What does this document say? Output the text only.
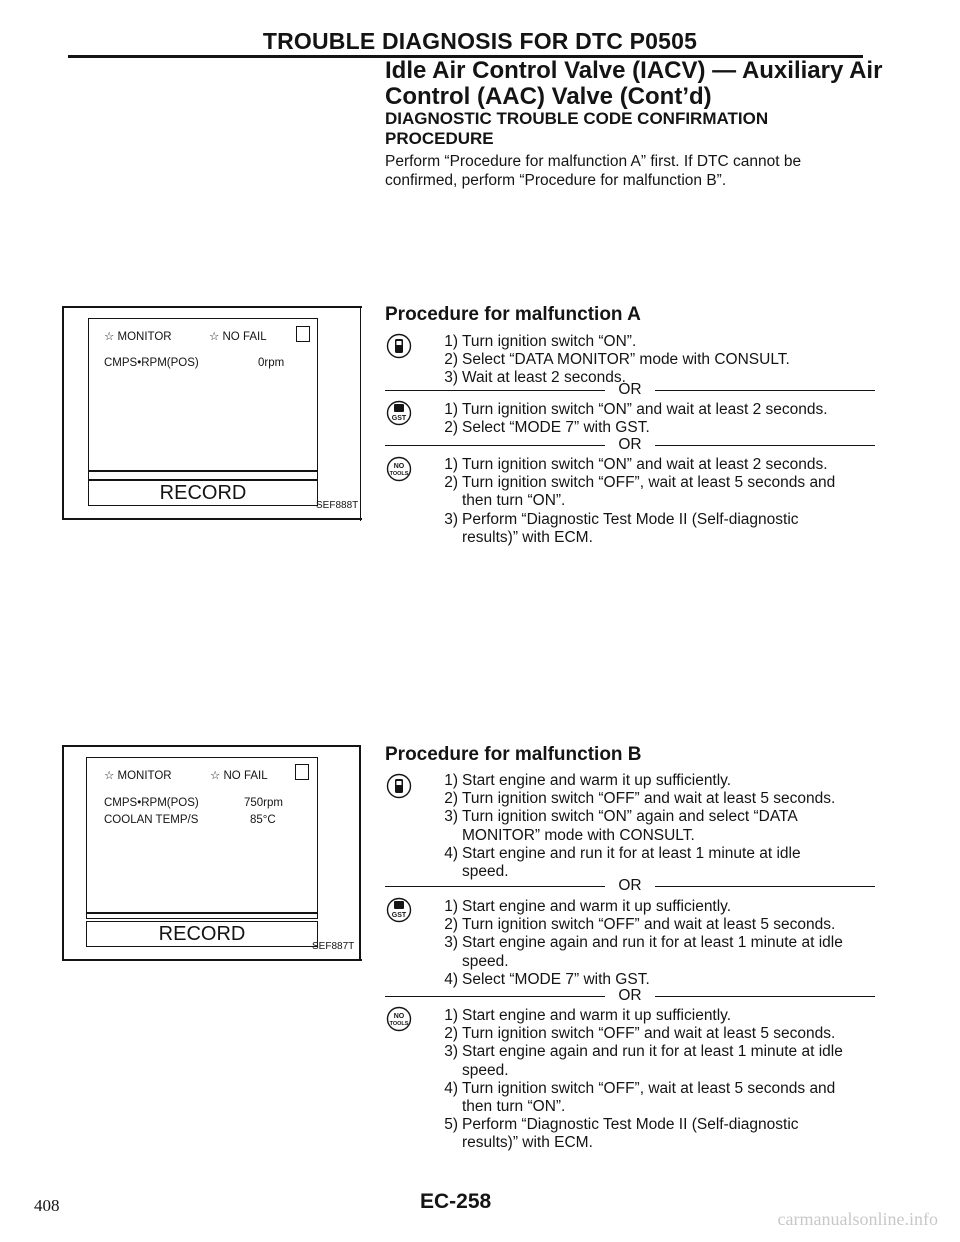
TROUBLE DIAGNOSIS FOR DTC P0505
Idle Air Control Valve (IACV) — Auxiliary Air
Control (AAC) Valve (Cont’d)
DIAGNOSTIC TROUBLE CODE CONFIRMATION
PROCEDURE
Perform “Procedure for malfunction A” first. If DTC cannot be
confirmed, perform “Procedure for malfunction B”.
☆ MONITOR	☆ NO FAIL
CMPS•RPM(POS)	0rpm
RECORD
SEF888T
Procedure for malfunction A
1) Turn ignition switch “ON”.
2) Select “DATA MONITOR” mode with CONSULT.
3) Wait at least 2 seconds.
OR
GST
1) Turn ignition switch “ON” and wait at least 2 seconds.
2) Select “MODE 7” with GST.
OR
NO
TOOLS
1) Turn ignition switch “ON” and wait at least 2 seconds.
2) Turn ignition switch “OFF”, wait at least 5 seconds and
then turn “ON”.
3) Perform “Diagnostic Test Mode II (Self-diagnostic
results)” with ECM.
☆ MONITOR	☆ NO FAIL
CMPS•RPM(POS)	750rpm
COOLAN TEMP/S	85°C
RECORD
SEF887T
Procedure for malfunction B
1) Start engine and warm it up sufficiently.
2) Turn ignition switch “OFF” and wait at least 5 seconds.
3) Turn ignition switch “ON” again and select “DATA
MONITOR” mode with CONSULT.
4) Start engine and run it for at least 1 minute at idle
speed.
OR
GST
1) Start engine and warm it up sufficiently.
2) Turn ignition switch “OFF” and wait at least 5 seconds.
3) Start engine again and run it for at least 1 minute at idle
speed.
4) Select “MODE 7” with GST.
OR
NO
TOOLS	1) Start engine and warm it up sufficiently.
2) Turn ignition switch “OFF” and wait at least 5 seconds.
3) Start engine again and run it for at least 1 minute at idle
speed.
4) Turn ignition switch “OFF”, wait at least 5 seconds and
then turn “ON”.
5) Perform “Diagnostic Test Mode II (Self-diagnostic
results)” with ECM.
408	EC-258
carmanualsonline.info
